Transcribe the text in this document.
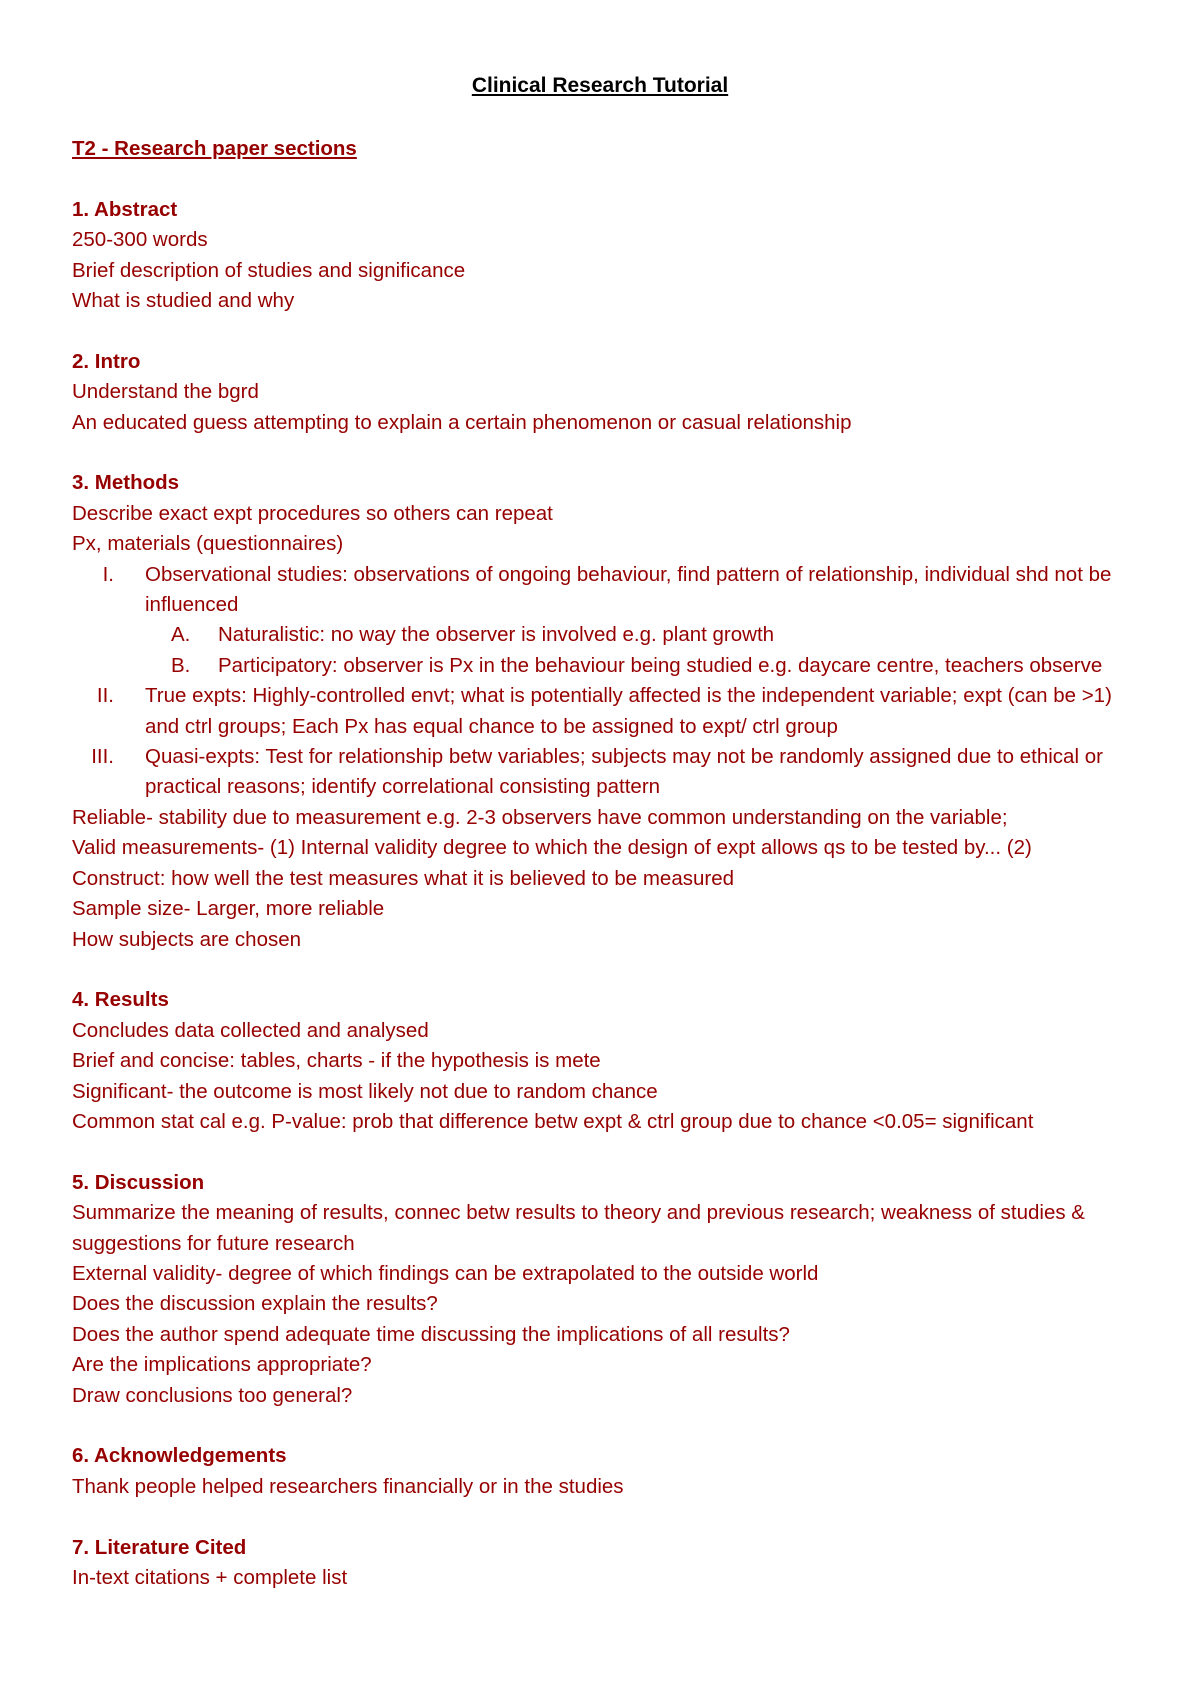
Clinical Research Tutorial

T2 - Research paper sections

1. Abstract

250-300 words

Brief description of studies and significance

What is studied and why

2. Intro

Understand the bgrd

An educated guess attempting to explain a certain phenomenon or casual relationship

3. Methods

Describe exact expt procedures so others can repeat

Px, materials (questionnaires)

I. Observational studies: observations of ongoing behaviour, find pattern of relationship, individual shd not be influenced
A.	Naturalistic: no way the observer is involved e.g. plant growth
B.	Participatory: observer is Px in the behaviour being studied e.g. daycare centre, teachers observe
II. True expts: Highly-controlled envt; what is potentially affected is the independent variable; expt (can be >1) and ctrl groups; Each Px has equal chance to be assigned to expt/ ctrl group
III. Quasi-expts: Test for relationship betw variables; subjects may not be randomly assigned due to ethical or practical reasons; identify correlational consisting pattern

Reliable- stability due to measurement e.g. 2-3 observers have common understanding on the variable;

Valid measurements- (1) Internal validity degree to which the design of expt allows qs to be tested by... (2)

Construct: how well the test measures what it is believed to be measured

Sample size- Larger, more reliable

How subjects are chosen

4. Results

Concludes data collected and analysed

Brief and concise: tables, charts - if the hypothesis is mete

Significant- the outcome is most likely not due to random chance

Common stat cal e.g. P-value: prob that difference betw expt & ctrl group due to chance <0.05= significant

5. Discussion

Summarize the meaning of results, connec betw results to theory and previous research; weakness of studies & suggestions for future research

External validity- degree of which findings can be extrapolated to the outside world

Does the discussion explain the results?

Does the author spend adequate time discussing the implications of all results?

Are the implications appropriate?

Draw conclusions too general?

6. Acknowledgements

Thank people helped researchers financially or in the studies

7. Literature Cited

In-text citations + complete list
